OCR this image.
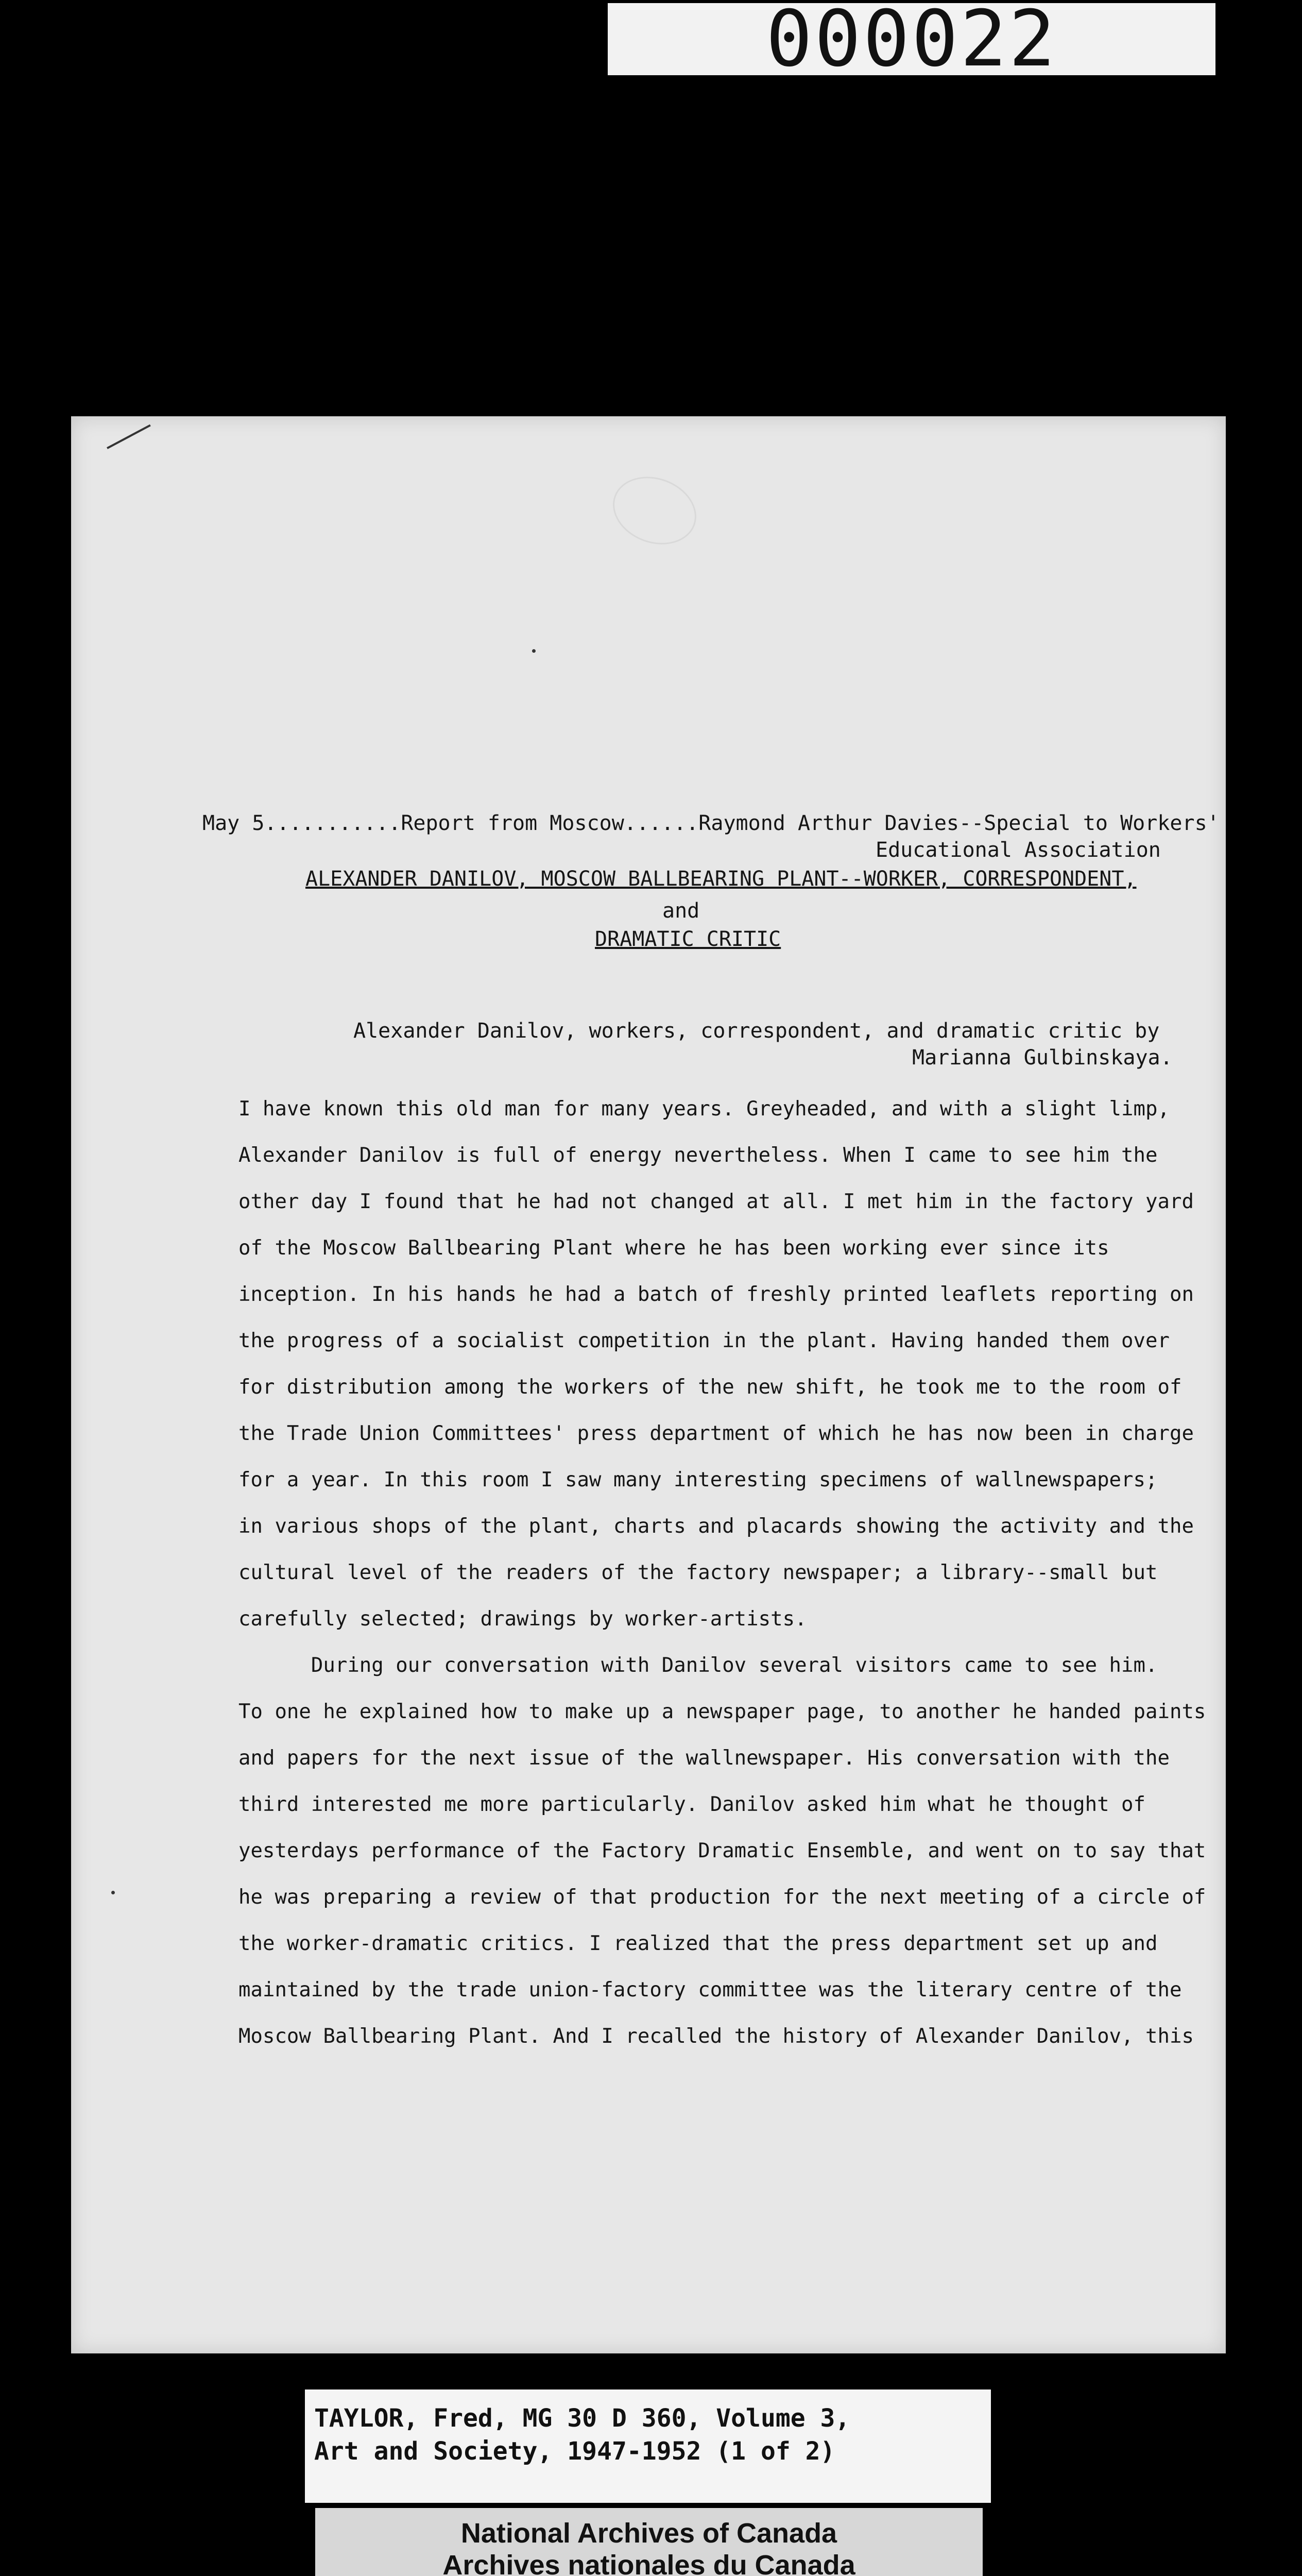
000022
May 5...........Report from Moscow......Raymond Arthur Davies--Special to Workers'
Educational Association
ALEXANDER DANILOV, MOSCOW BALLBEARING PLANT--WORKER, CORRESPONDENT,
and
DRAMATIC CRITIC
Alexander Danilov, workers, correspondent, and dramatic critic by
Marianna Gulbinskaya.
I have known this old man for many years. Greyheaded, and with a slight limp,
Alexander Danilov is full of energy nevertheless. When I came to see him the
other day I found that he had not changed at all. I met him in the factory yard
of the Moscow Ballbearing Plant where he has been working ever since its
inception. In his hands he had a batch of freshly printed leaflets reporting on
the progress of a socialist competition in the plant. Having handed them over
for distribution among the workers of the new shift, he took me to the room of
the Trade Union Committees' press department of which he has now been in charge
for a year. In this room I saw many interesting specimens of wallnewspapers;
in various shops of the plant, charts and placards showing the activity and the
cultural level of the readers of the factory newspaper; a library--small but
carefully selected; drawings by worker-artists.
During our conversation with Danilov several visitors came to see him.
To one he explained how to make up a newspaper page, to another he handed paints
and papers for the next issue of the wallnewspaper. His conversation with the
third interested me more particularly. Danilov asked him what he thought of
yesterdays performance of the Factory Dramatic Ensemble, and went on to say that
he was preparing a review of that production for the next meeting of a circle of
the worker-dramatic critics. I realized that the press department set up and
maintained by the trade union-factory committee was the literary centre of the
Moscow Ballbearing Plant. And I recalled the history of Alexander Danilov, this
TAYLOR, Fred, MG 30 D 360, Volume 3,
Art and Society, 1947-1952 (1 of 2)
National Archives of Canada
Archives nationales du Canada
